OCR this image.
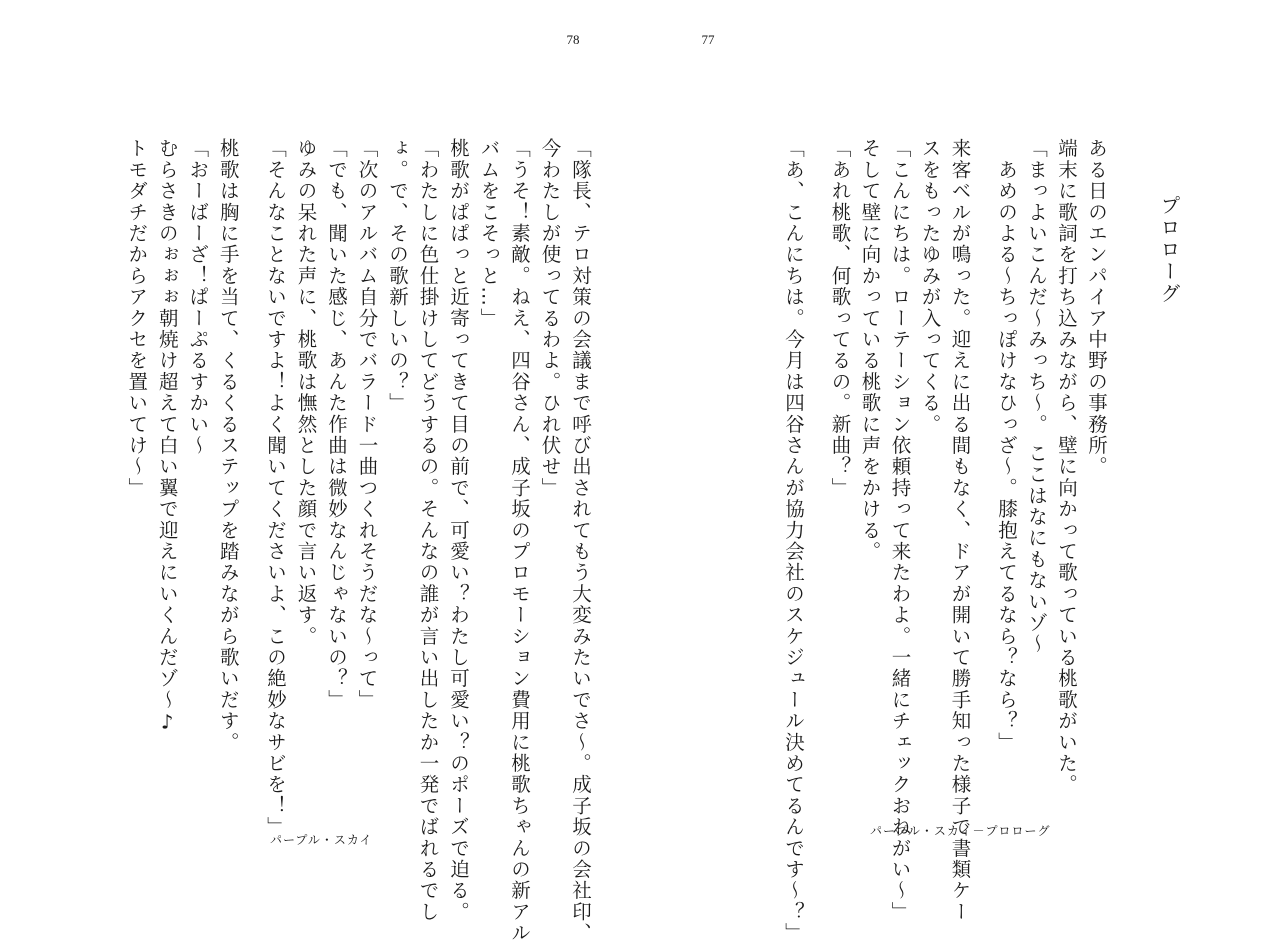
78	77
プロローグ
ある日のエンパイア中野の事務所。
端末に歌詞を打ち込みながら、壁に向かって歌っている桃歌がいた。
「まっよいこんだ〜みっち〜。 ここはなにもないゾ〜
　あめのよる〜ちっぽけなひっざ〜。膝抱えてるなら？なら？」
来客ベルが鳴った。迎えに出る間もなく、ドアが開いて勝手知った様子で書類ケー
スをもったゆみが入ってくる。
「こんにちは。ローテーション依頼持って来たわよ。一緒にチェックおねがい〜」
そして壁に向かっている桃歌に声をかける。
「あれ桃歌、何歌ってるの。新曲？」
「あ、こんにちは。今月は四谷さんが協力会社のスケジュール決めてるんです〜？」
「隊長、テロ対策の会議まで呼び出されてもう大変みたいでさ〜。成子坂の会社印、
今わたしが使ってるわよ。ひれ伏せ」
「うそ！素敵。ねえ、四谷さん、成子坂のプロモーション費用に桃歌ちゃんの新アル
バムをこそっと…」
桃歌がぱぱっと近寄ってきて目の前で、可愛い？わたし可愛い？のポーズで迫る。
「わたしに色仕掛けしてどうするの。そんなの誰が言い出したか一発でばれるでし
ょ。で、その歌新しいの？」
「次のアルバム自分でバラード一曲つくれそうだな〜って」
「でも、聞いた感じ、あんた作曲は微妙なんじゃないの？」
ゆみの呆れた声に、桃歌は憮然とした顔で言い返す。
「そんなことないですよ！よく聞いてくださいよ、この絶妙なサビを！」
桃歌は胸に手を当て、くるくるステップを踏みながら歌いだす。
「おーばーざ！ぱーぷるすかい〜
むらさきのぉぉぉ朝焼け超えて白い翼で迎えにいくんだゾ〜♪
トモダチだからアクセを置いてけ〜」
パープル・スカイ
パープル・スカイ－プロローグ
